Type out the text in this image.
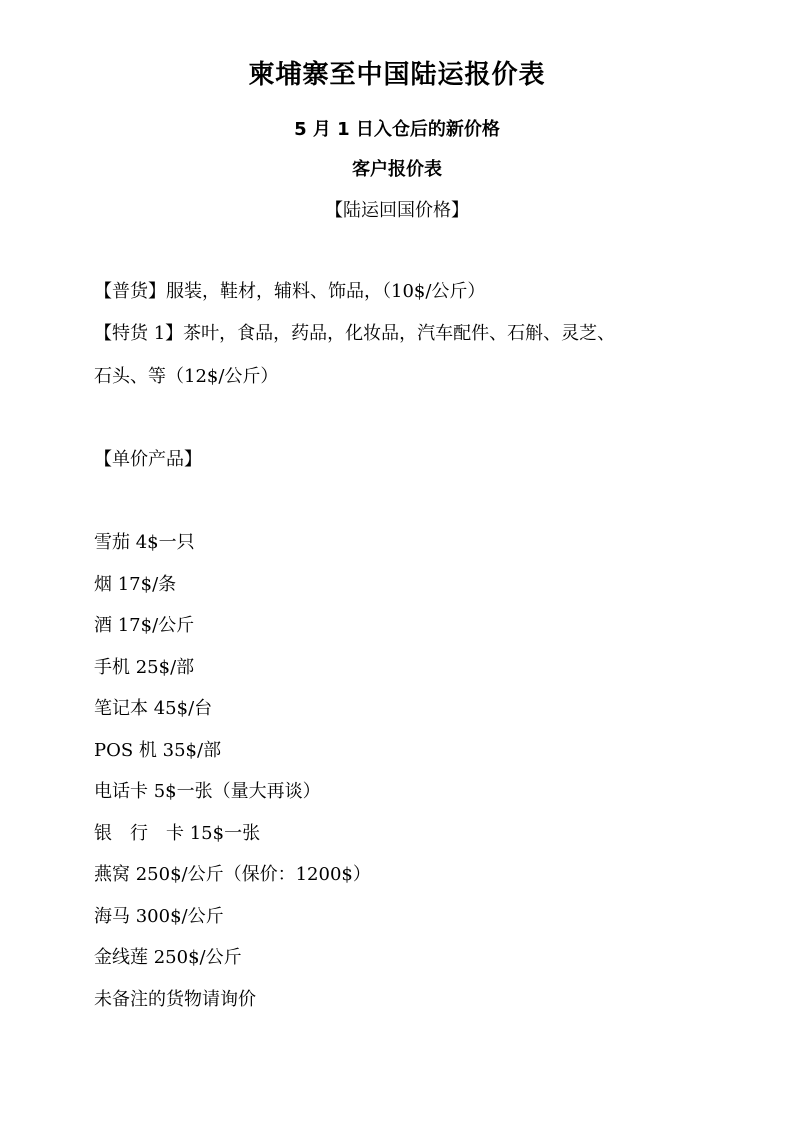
柬埔寨至中国陆运报价表
5 月 1 日入仓后的新价格
客户报价表
【陆运回国价格】
【普货】服装，鞋材，辅料、饰品，（10$/公斤）
【特货 1】茶叶，食品，药品，化妆品，汽车配件、石斛、灵芝、
石头、等（12$/公斤）
【单价产品】
雪茄 4$一只
烟 17$/条
酒 17$/公斤
手机 25$/部
笔记本 45$/台
POS 机 35$/部
电话卡 5$一张（量大再谈）
银　行　卡 15$一张
燕窝 250$/公斤（保价：1200$）
海马 300$/公斤
金线莲 250$/公斤
未备注的货物请询价
